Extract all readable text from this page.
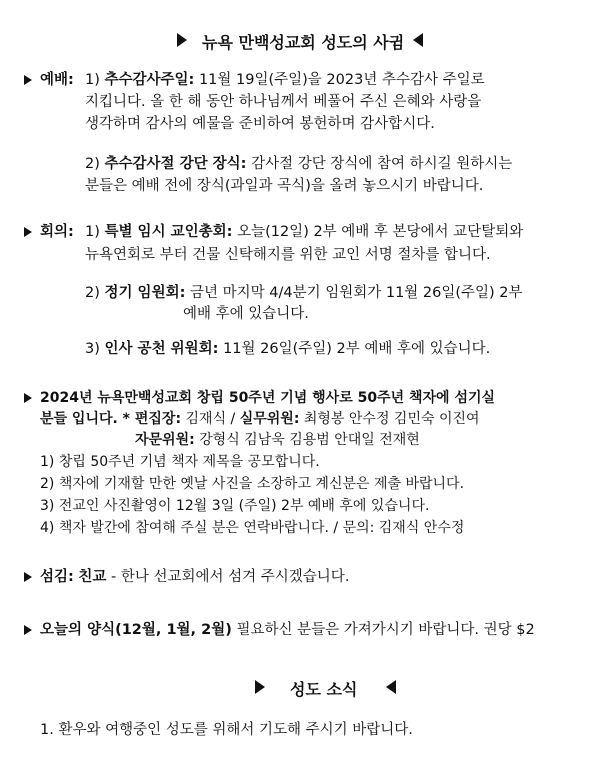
뉴욕 만백성교회 성도의 사귐
예배: 1) 추수감사주일: 11월 19일(주일)을 2023년 추수감사 주일로
지킵니다. 올 한 해 동안 하나님께서 베풀어 주신 은혜와 사랑을
생각하며 감사의 예물을 준비하여 봉헌하며 감사합시다.
2) 추수감사절 강단 장식: 감사절 강단 장식에 참여 하시길 원하시는
분들은 예배 전에 장식(과일과 곡식)을 올려 놓으시기 바랍니다.
회의: 1) 특별 임시 교인총회: 오늘(12일) 2부 예배 후 본당에서 교단탈퇴와
뉴욕연회로 부터 건물 신탁해지를 위한 교인 서명 절차를 합니다.
2) 정기 임원회: 금년 마지막 4/4분기 임원회가 11월 26일(주일) 2부
예배 후에 있습니다.
3) 인사 공천 위원회: 11월 26일(주일) 2부 예배 후에 있습니다.
2024년 뉴욕만백성교회 창립 50주년 기념 행사로 50주년 책자에 섬기실
분들 입니다. * 편집장: 김재식 / 실무위원: 최형봉 안수정 김민숙 이진여
자문위원: 강형식 김남욱 김용범 안대일 전재현
1) 창립 50주년 기념 책자 제목을 공모합니다.
2) 책자에 기재할 만한 옛날 사진을 소장하고 계신분은 제출 바랍니다.
3) 전교인 사진촬영이 12월 3일 (주일) 2부 예배 후에 있습니다.
4) 책자 발간에 참여해 주실 분은 연락바랍니다. / 문의: 김재식 안수정
섬김: 친교 - 한나 선교회에서 섬겨 주시겠습니다.
오늘의 양식(12월, 1월, 2월) 필요하신 분들은 가져가시기 바랍니다. 권당 $2
성도 소식
1. 환우와 여행중인 성도를 위해서 기도해 주시기 바랍니다.
